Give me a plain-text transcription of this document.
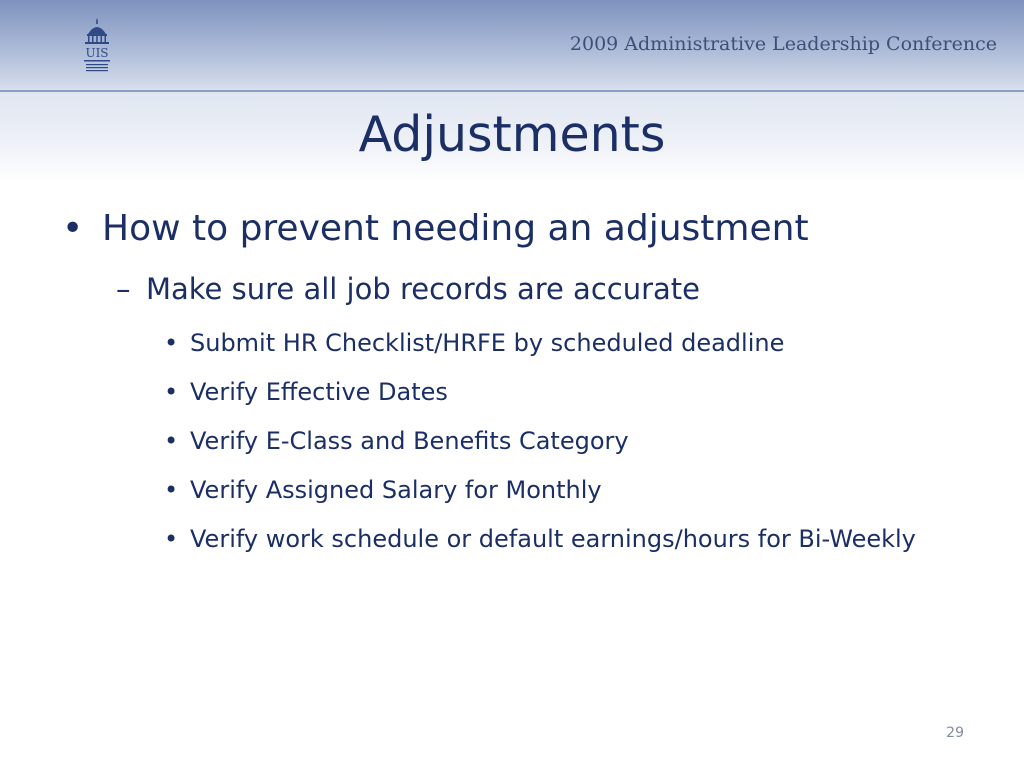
UIS	2009 Administrative Leadership Conference
Adjustments
• How to prevent needing an adjustment
– Make sure all job records are accurate
• Submit HR Checklist/HRFE by scheduled deadline
• Verify Effective Dates
• Verify E-Class and Benefits Category
• Verify Assigned Salary for Monthly
• Verify work schedule or default earnings/hours for Bi-Weekly
29
